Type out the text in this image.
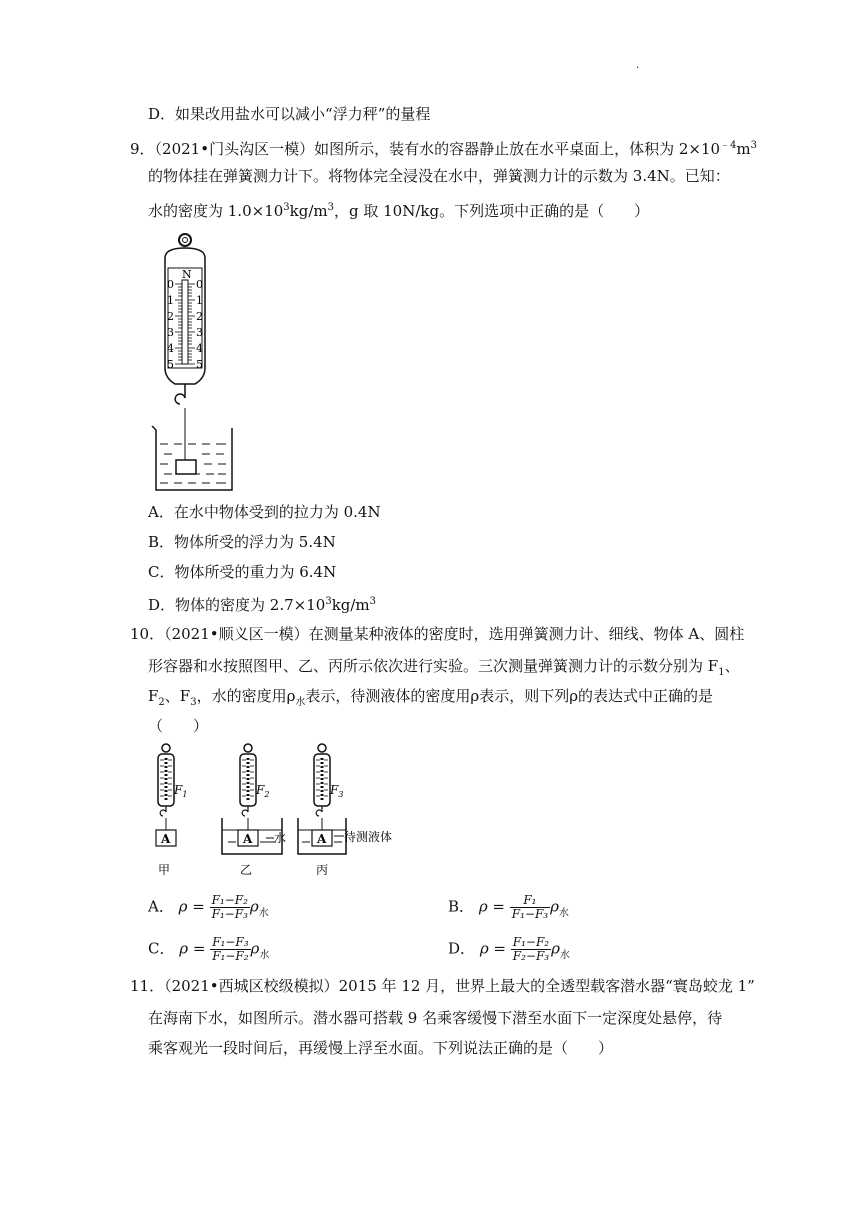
.
D．如果改用盐水可以减小“浮力秤”的量程
9．（2021•门头沟区一模）如图所示，装有水的容器静止放在水平桌面上，体积为 $2\times 10^{﹣4}m^3$
的物体挂在弹簧测力计下。将物体完全浸没在水中，弹簧测力计的示数为 3.4N。已知：
水的密度为 $1.0\times 10^3kg/m^3$，g 取 10N/kg。下列选项中正确的是（　　）
N
0
1
2
3
4
5
0
1
2
3
4
5
A．在水中物体受到的拉力为 0.4N
B．物体所受的浮力为 5.4N
C．物体所受的重力为 6.4N
D．物体的密度为 $2.7\times 10^3kg/m^3$
10．（2021•顺义区一模）在测量某种液体的密度时，选用弹簧测力计、细线、物体 A、圆柱
形容器和水按照图甲、乙、丙所示依次进行实验。三次测量弹簧测力计的示数分别为 $F_1$、
$F_2$、$F_3$，水的密度用$\rho_水$表示，待测液体的密度用ρ表示，则下列ρ的表达式中正确的是
（　　）
A
$F_1$
甲
A
$F_2$
水
乙
A
$F_3$
待测液体
丙
A． $\rho = \frac{\text{F₁−F₂}}{\text{F₁−F₃}} \rho_水$	B． $\rho = \frac{\text{F₁}}{\text{F₁−F₃}} \rho_水$
C． $\rho = \frac{\text{F₁−F₃}}{\text{F₁−F₂}} \rho_水$	D． $\rho = \frac{\text{F₁−F₂}}{\text{F₂−F₃}} \rho_水$
11．（2021•西城区校级模拟）2015 年 12 月，世界上最大的全透型载客潜水器“寰岛蛟龙 1”
在海南下水，如图所示。潜水器可搭载 9 名乘客缓慢下潜至水面下一定深度处悬停，待
乘客观光一段时间后，再缓慢上浮至水面。下列说法正确的是（　　）
